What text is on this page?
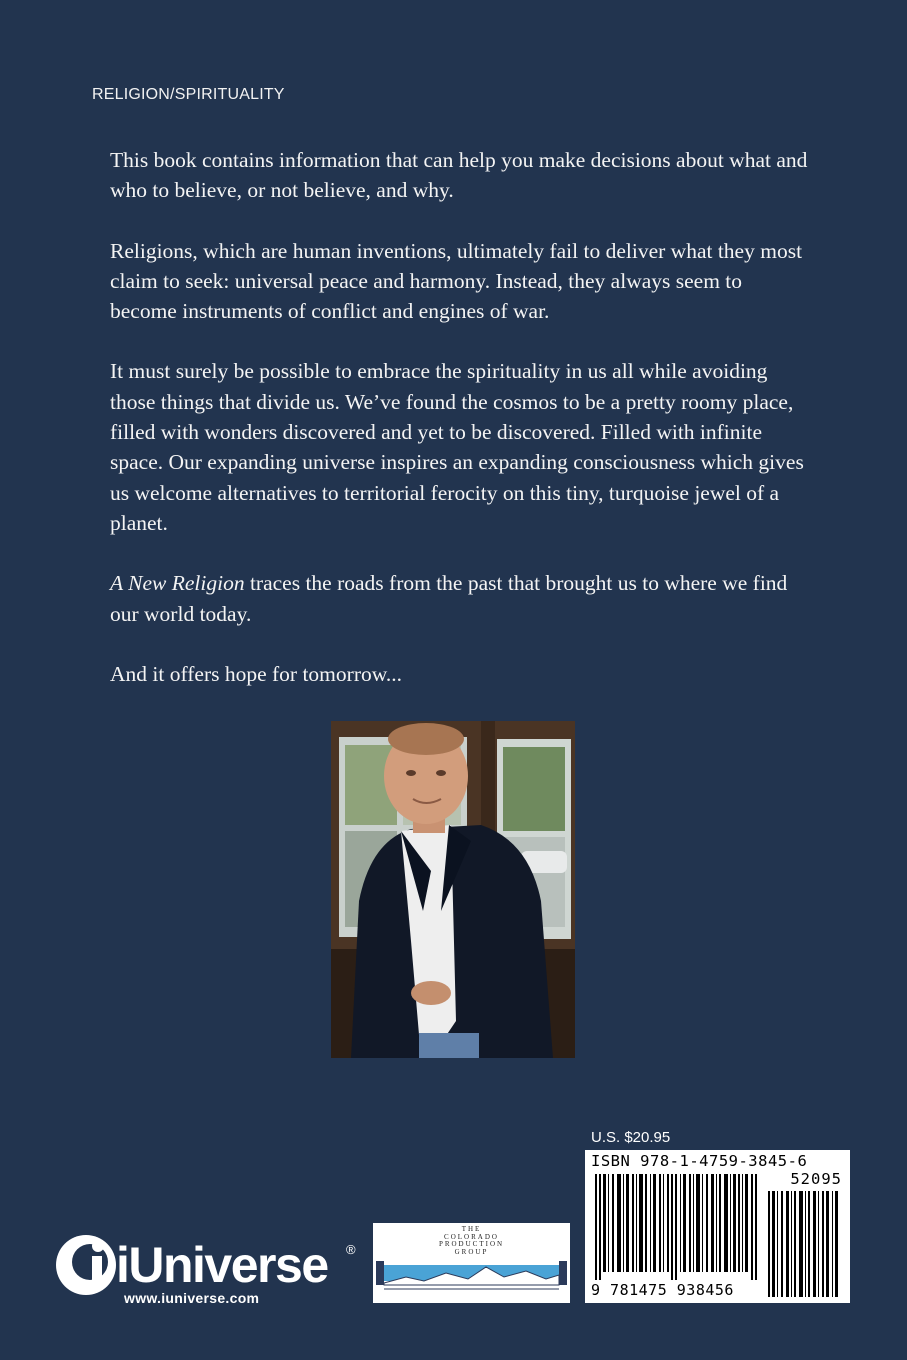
RELIGION/SPIRITUALITY

This book contains information that can help you make decisions about what and who to believe, or not believe, and why.

Religions, which are human inventions, ultimately fail to deliver what they most claim to seek: universal peace and harmony. Instead, they always seem to become instruments of conflict and engines of war.

It must surely be possible to embrace the spirituality in us all while avoiding those things that divide us. We’ve found the cosmos to be a pretty roomy place, filled with wonders discovered and yet to be discovered. Filled with infinite space. Our expanding universe inspires an expanding consciousness which gives us welcome alternatives to territorial ferocity on this tiny, turquoise jewel of a planet.

A New Religion traces the roads from the past that brought us to where we find our world today.

And it offers hope for tomorrow...

U.S. $20.95
ISBN 978-1-4759-3845-6
52095
9 781475 938456
iUniverse ®
www.iuniverse.com
THE
COLORADO
PRODUCTION
GROUP
